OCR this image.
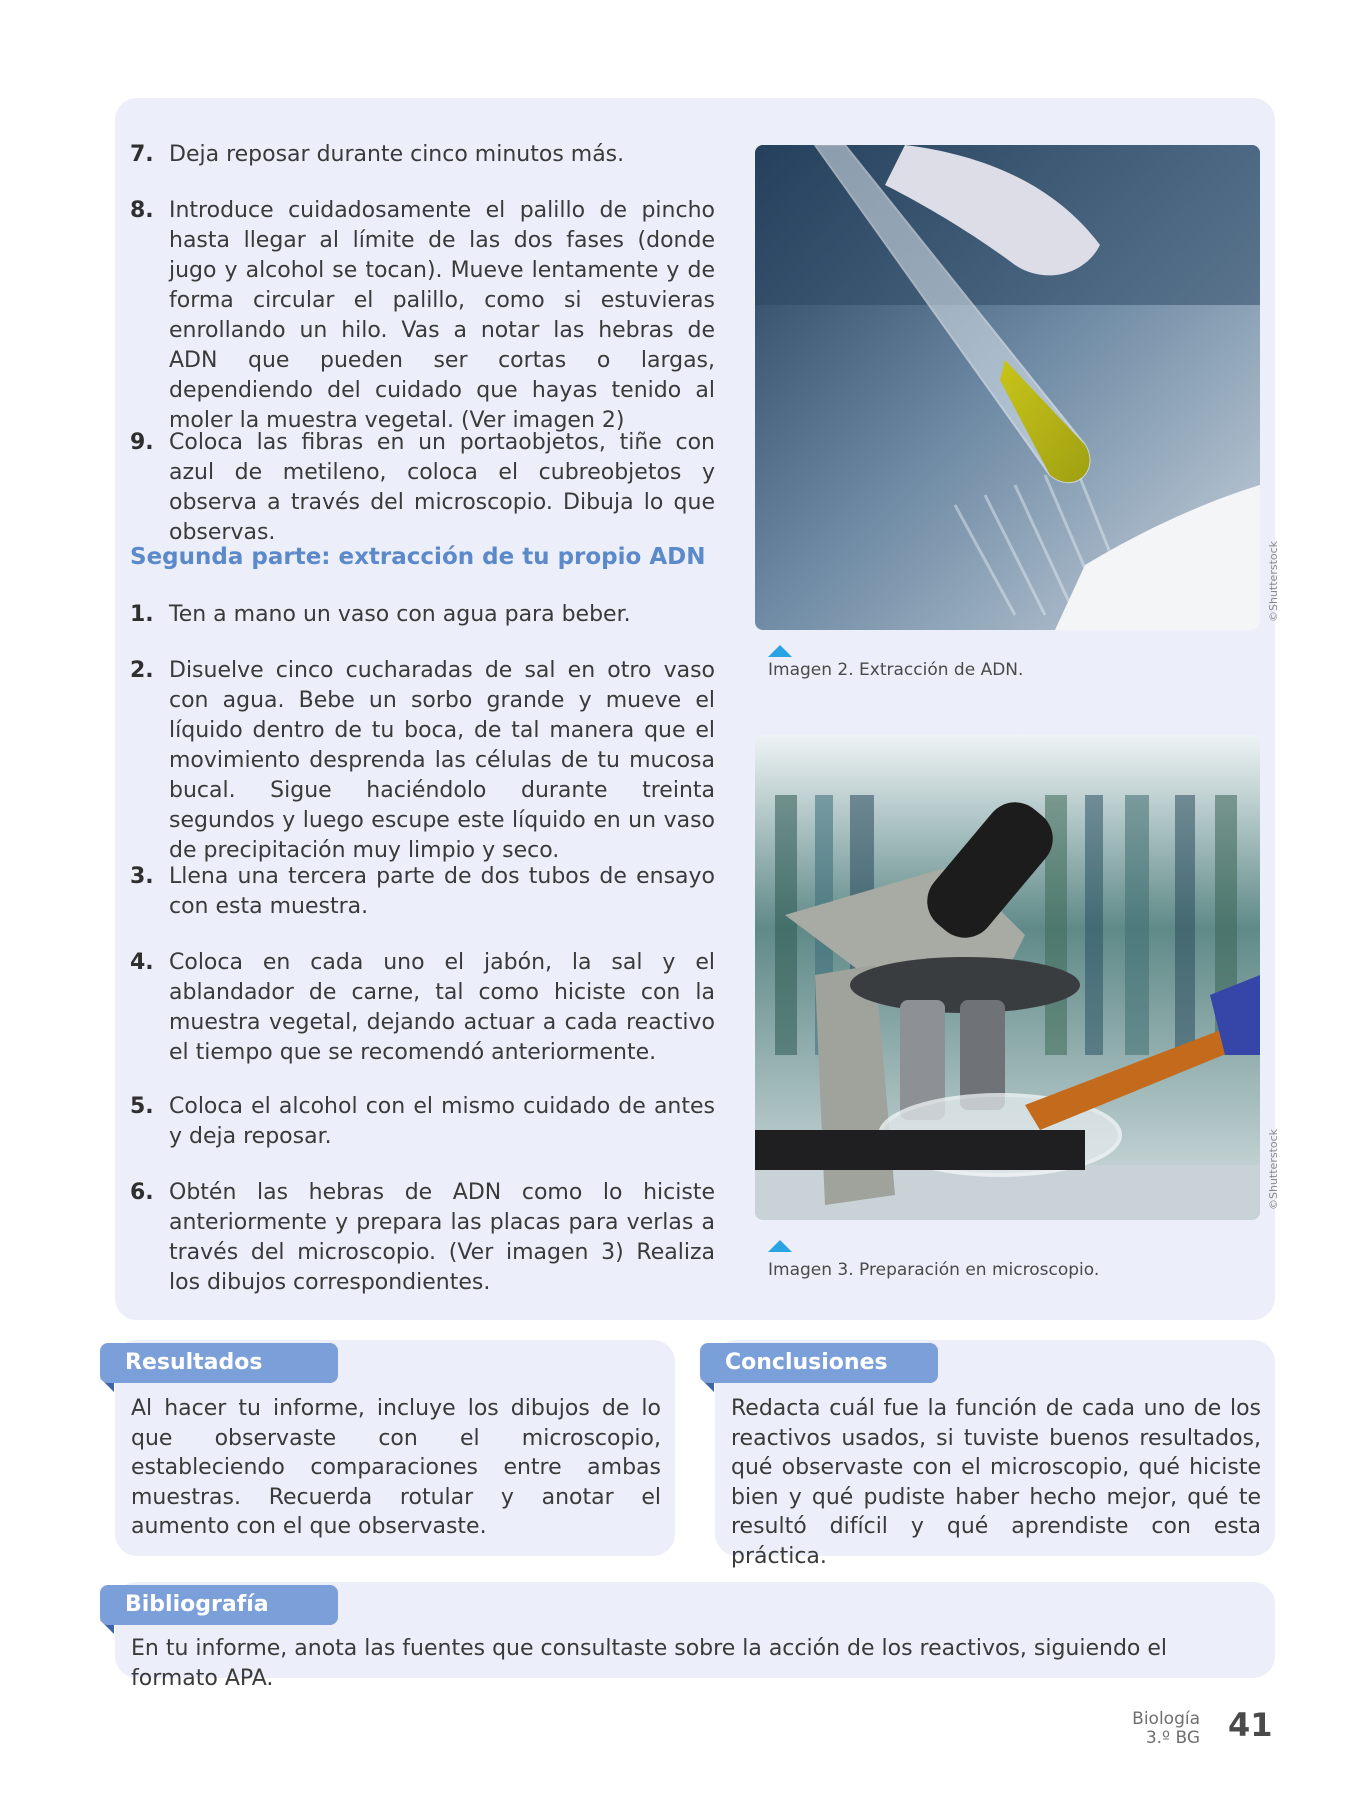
7. Deja reposar durante cinco minutos más.
8. Introduce cuidadosamente el palillo de pincho hasta llegar al límite de las dos fases (donde jugo y alcohol se tocan). Mueve lentamente y de forma circular el palillo, como si estuvieras enrollando un hilo. Vas a notar las hebras de ADN que pueden ser cortas o largas, dependiendo del cuidado que hayas tenido al moler la muestra vegetal. (Ver imagen 2)
9. Coloca las fibras en un portaobjetos, tiñe con azul de metileno, coloca el cubreobjetos y observa a través del microscopio. Dibuja lo que observas.
Segunda parte: extracción de tu propio ADN
1. Ten a mano un vaso con agua para beber.
2. Disuelve cinco cucharadas de sal en otro vaso con agua. Bebe un sorbo grande y mueve el líquido dentro de tu boca, de tal manera que el movimiento desprenda las células de tu mucosa bucal. Sigue haciéndolo durante treinta segundos y luego escupe este líquido en un vaso de precipitación muy limpio y seco.
3. Llena una tercera parte de dos tubos de ensayo con esta muestra.
4. Coloca en cada uno el jabón, la sal y el ablandador de carne, tal como hiciste con la muestra vegetal, dejando actuar a cada reactivo el tiempo que se recomendó anteriormente.
5. Coloca el alcohol con el mismo cuidado de antes y deja reposar.
6. Obtén las hebras de ADN como lo hiciste anteriormente y prepara las placas para verlas a través del microscopio. (Ver imagen 3) Realiza los dibujos correspondientes.
©Shutterstock
Imagen 2. Extracción de ADN.
©Shutterstock
Imagen 3. Preparación en microscopio.
Resultados
Al hacer tu informe, incluye los dibujos de lo que observaste con el microscopio, estableciendo comparaciones entre ambas muestras. Recuerda rotular y anotar el aumento con el que observaste.
Conclusiones
Redacta cuál fue la función de cada uno de los reactivos usados, si tuviste buenos resultados, qué observaste con el microscopio, qué hiciste bien y qué pudiste haber hecho mejor, qué te resultó difícil y qué aprendiste con esta práctica.
Bibliografía
En tu informe, anota las fuentes que consultaste sobre la acción de los reactivos, siguiendo el formato APA.
Biología
3.º BG 41
